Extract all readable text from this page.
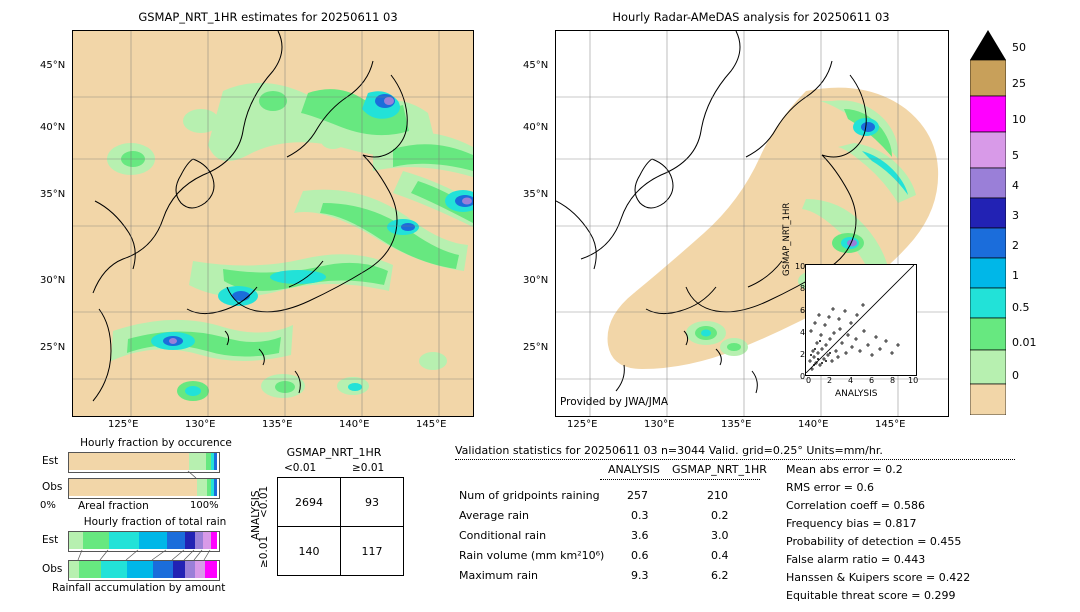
GSMAP_NRT_1HR estimates for 20250611 03
45°N
40°N
35°N
30°N
25°N
125°E	130°E	135°E	140°E	145°E
Hourly Radar-AMeDAS analysis for 20250611 03
45°N
40°N
35°N
30°N
25°N
125°E	130°E	135°E	140°E	145°E
Provided by JWA/JMA
ANALYSIS
0
2
4
6
8
10
0 2 4 6 8 10
50
25
10
5
4
3
2
1
0.5
0.01
0
Hourly fraction by occurence
Est
Obs
0% Areal fraction	100%
Hourly fraction of total rain
Est
Obs
Rainfall accumulation by amount
GSMAP_NRT_1HR
<0.01	≥0.01
ANALYSIS
<0.01
≥0.01
2694	93
140	117
Validation statistics for 20250611 03 n=3044 Valid. grid=0.25° Units=mm/hr.
ANALYSIS GSMAP_NRT_1HR
Num of gridpoints raining 257	210
Average rain	0.3	0.2
Conditional rain	3.6	3.0
Rain volume (mm km²10⁶) 0.6	0.4
Maximum rain	9.3	6.2
Mean abs error = 0.2
RMS error = 0.6
Correlation coeff = 0.586
Frequency bias = 0.817
Probability of detection = 0.455
False alarm ratio = 0.443
Hanssen & Kuipers score = 0.422
Equitable threat score = 0.299
